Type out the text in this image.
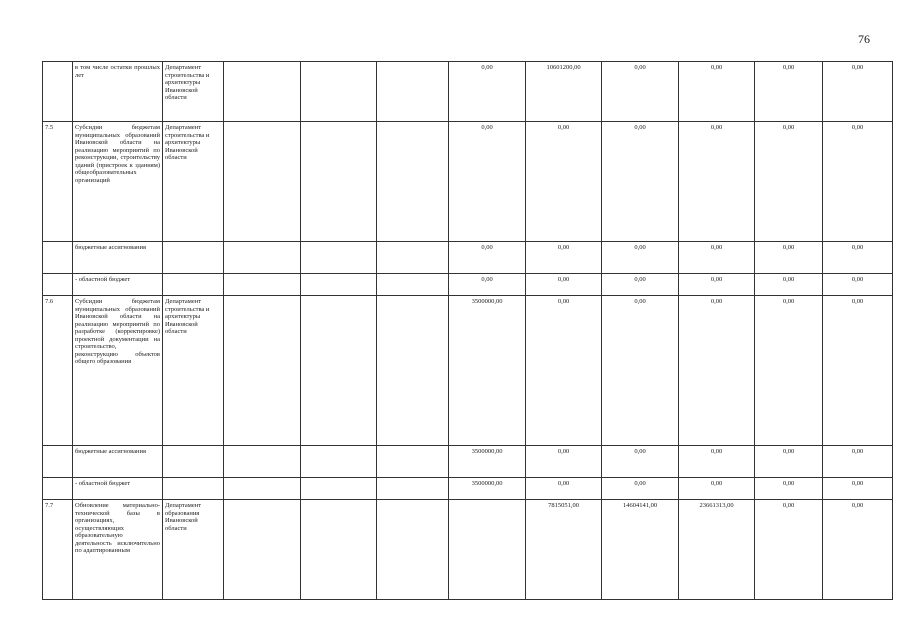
76
	в том числе остатки прошлых лет	Департамент строительства и архитектуры Ивановской области				0,00	10601200,00	0,00	0,00	0,00	0,00
7.5	Субсидии бюджетам муниципальных образований Ивановской области на реализацию мероприятий по реконструкции, строительству зданий (пристроек к зданиям) общеобразовательных организаций	Департамент строительства и архитектуры Ивановской области				0,00	0,00	0,00	0,00	0,00	0,00
	бюджетные ассигнования					0,00	0,00	0,00	0,00	0,00	0,00
	- областной бюджет					0,00	0,00	0,00	0,00	0,00	0,00
7.6	Субсидии бюджетам муниципальных образований Ивановской области на реализацию мероприятий по разработке (корректировке) проектной документации на строительство, реконструкцию объектов общего образования	Департамент строительства и архитектуры Ивановской области				3500000,00	0,00	0,00	0,00	0,00	0,00
	бюджетные ассигнования					3500000,00	0,00	0,00	0,00	0,00	0,00
	- областной бюджет					3500000,00	0,00	0,00	0,00	0,00	0,00
7.7	Обновление материально-технической базы в организациях, осуществляющих образовательную деятельность исключительно по адаптированным	Департамент образования Ивановской области					7815051,00	14604141,00	23661313,00	0,00	0,00
